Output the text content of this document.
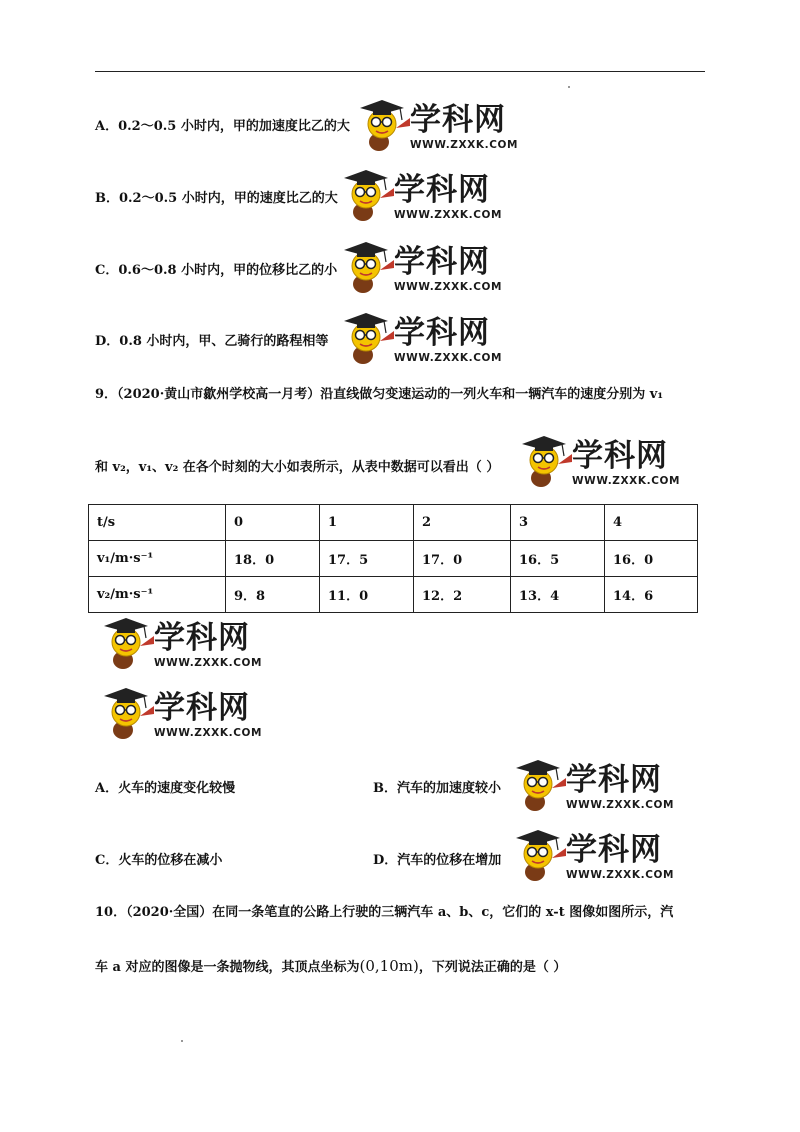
A．0.2～0.5 小时内，甲的加速度比乙的大
B．0.2～0.5 小时内，甲的速度比乙的大
C．0.6～0.8 小时内，甲的位移比乙的小
D．0.8 小时内，甲、乙骑行的路程相等
9．（2020·黄山市歙州学校高一月考）沿直线做匀变速运动的一列火车和一辆汽车的速度分别为 v₁
和 v₂，v₁、v₂ 在各个时刻的大小如表所示，从表中数据可以看出（ ）
t/s	0	1	2	3	4
v₁/m·s⁻¹	18．0	17．5	17．0	16．5	16．0
v₂/m·s⁻¹	9．8	11．0	12．2	13．4	14．6
A．火车的速度变化较慢	B．汽车的加速度较小
C．火车的位移在减小	D．汽车的位移在增加
10．（2020·全国）在同一条笔直的公路上行驶的三辆汽车 a、b、c，它们的 x-t 图像如图所示，汽
车 a 对应的图像是一条抛物线，其顶点坐标为(0,10m)，下列说法正确的是（ ）
学科网
WWW.ZXXK.COM
学科网
WWW.ZXXK.COM
学科网
WWW.ZXXK.COM
学科网
WWW.ZXXK.COM
学科网
WWW.ZXXK.COM
学科网
WWW.ZXXK.COM
学科网
WWW.ZXXK.COM
学科网
WWW.ZXXK.COM
学科网
WWW.ZXXK.COM
